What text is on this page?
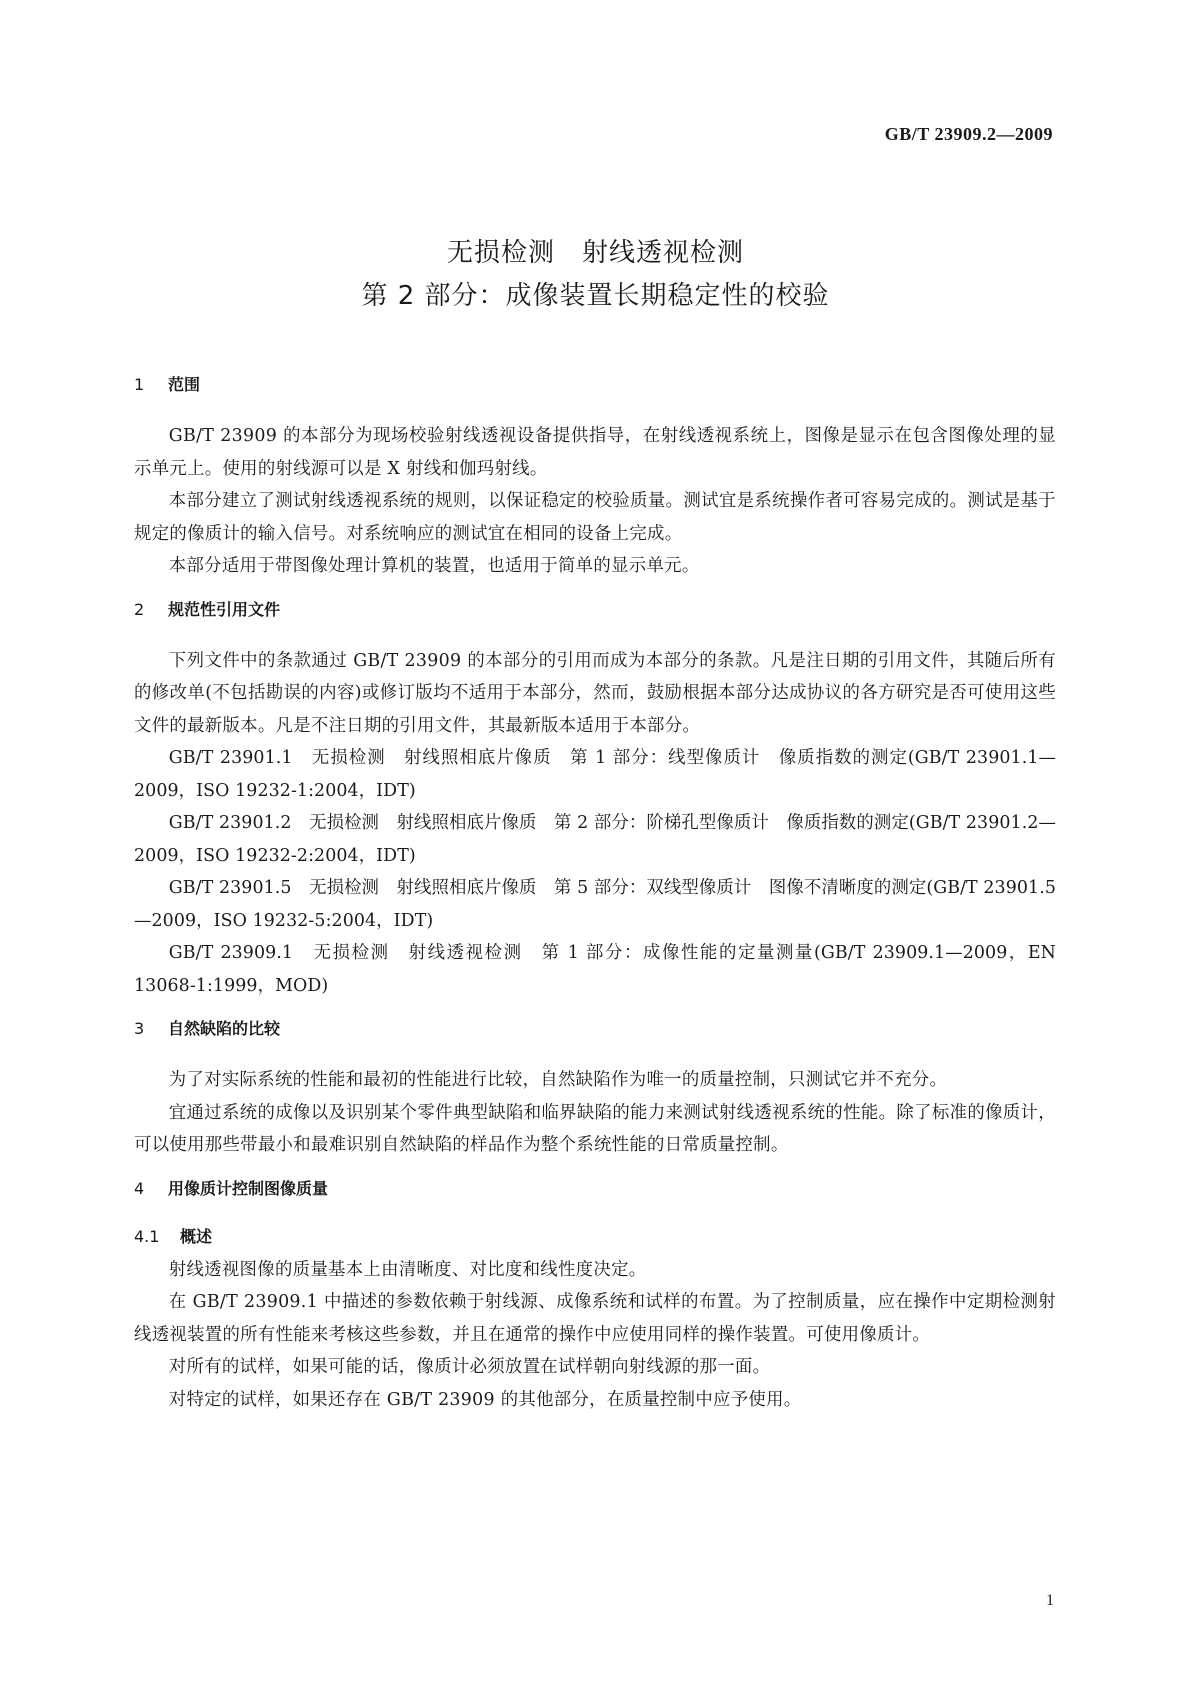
GB/T 23909.2—2009
无损检测　射线透视检测
第 2 部分：成像装置长期稳定性的校验
1 范围

GB/T 23909 的本部分为现场校验射线透视设备提供指导，在射线透视系统上，图像是显示在包含图像处理的显示单元上。使用的射线源可以是 X 射线和伽玛射线。

本部分建立了测试射线透视系统的规则，以保证稳定的校验质量。测试宜是系统操作者可容易完成的。测试是基于规定的像质计的输入信号。对系统响应的测试宜在相同的设备上完成。

本部分适用于带图像处理计算机的装置，也适用于简单的显示单元。

2 规范性引用文件

下列文件中的条款通过 GB/T 23909 的本部分的引用而成为本部分的条款。凡是注日期的引用文件，其随后所有的修改单(不包括勘误的内容)或修订版均不适用于本部分，然而，鼓励根据本部分达成协议的各方研究是否可使用这些文件的最新版本。凡是不注日期的引用文件，其最新版本适用于本部分。

GB/T 23901.1　无损检测　射线照相底片像质　第 1 部分：线型像质计　像质指数的测定(GB/T 23901.1—2009，ISO 19232-1:2004，IDT)

GB/T 23901.2　无损检测　射线照相底片像质　第 2 部分：阶梯孔型像质计　像质指数的测定(GB/T 23901.2—2009，ISO 19232-2:2004，IDT)

GB/T 23901.5　无损检测　射线照相底片像质　第 5 部分：双线型像质计　图像不清晰度的测定(GB/T 23901.5—2009，ISO 19232-5:2004，IDT)

GB/T 23909.1　无损检测　射线透视检测　第 1 部分：成像性能的定量测量(GB/T 23909.1—2009，EN 13068-1:1999，MOD)

3 自然缺陷的比较

为了对实际系统的性能和最初的性能进行比较，自然缺陷作为唯一的质量控制，只测试它并不充分。

宜通过系统的成像以及识别某个零件典型缺陷和临界缺陷的能力来测试射线透视系统的性能。除了标准的像质计，可以使用那些带最小和最难识别自然缺陷的样品作为整个系统性能的日常质量控制。

4 用像质计控制图像质量
4.1 概述

射线透视图像的质量基本上由清晰度、对比度和线性度决定。

在 GB/T 23909.1 中描述的参数依赖于射线源、成像系统和试样的布置。为了控制质量，应在操作中定期检测射线透视装置的所有性能来考核这些参数，并且在通常的操作中应使用同样的操作装置。可使用像质计。

对所有的试样，如果可能的话，像质计必须放置在试样朝向射线源的那一面。

对特定的试样，如果还存在 GB/T 23909 的其他部分，在质量控制中应予使用。

1
